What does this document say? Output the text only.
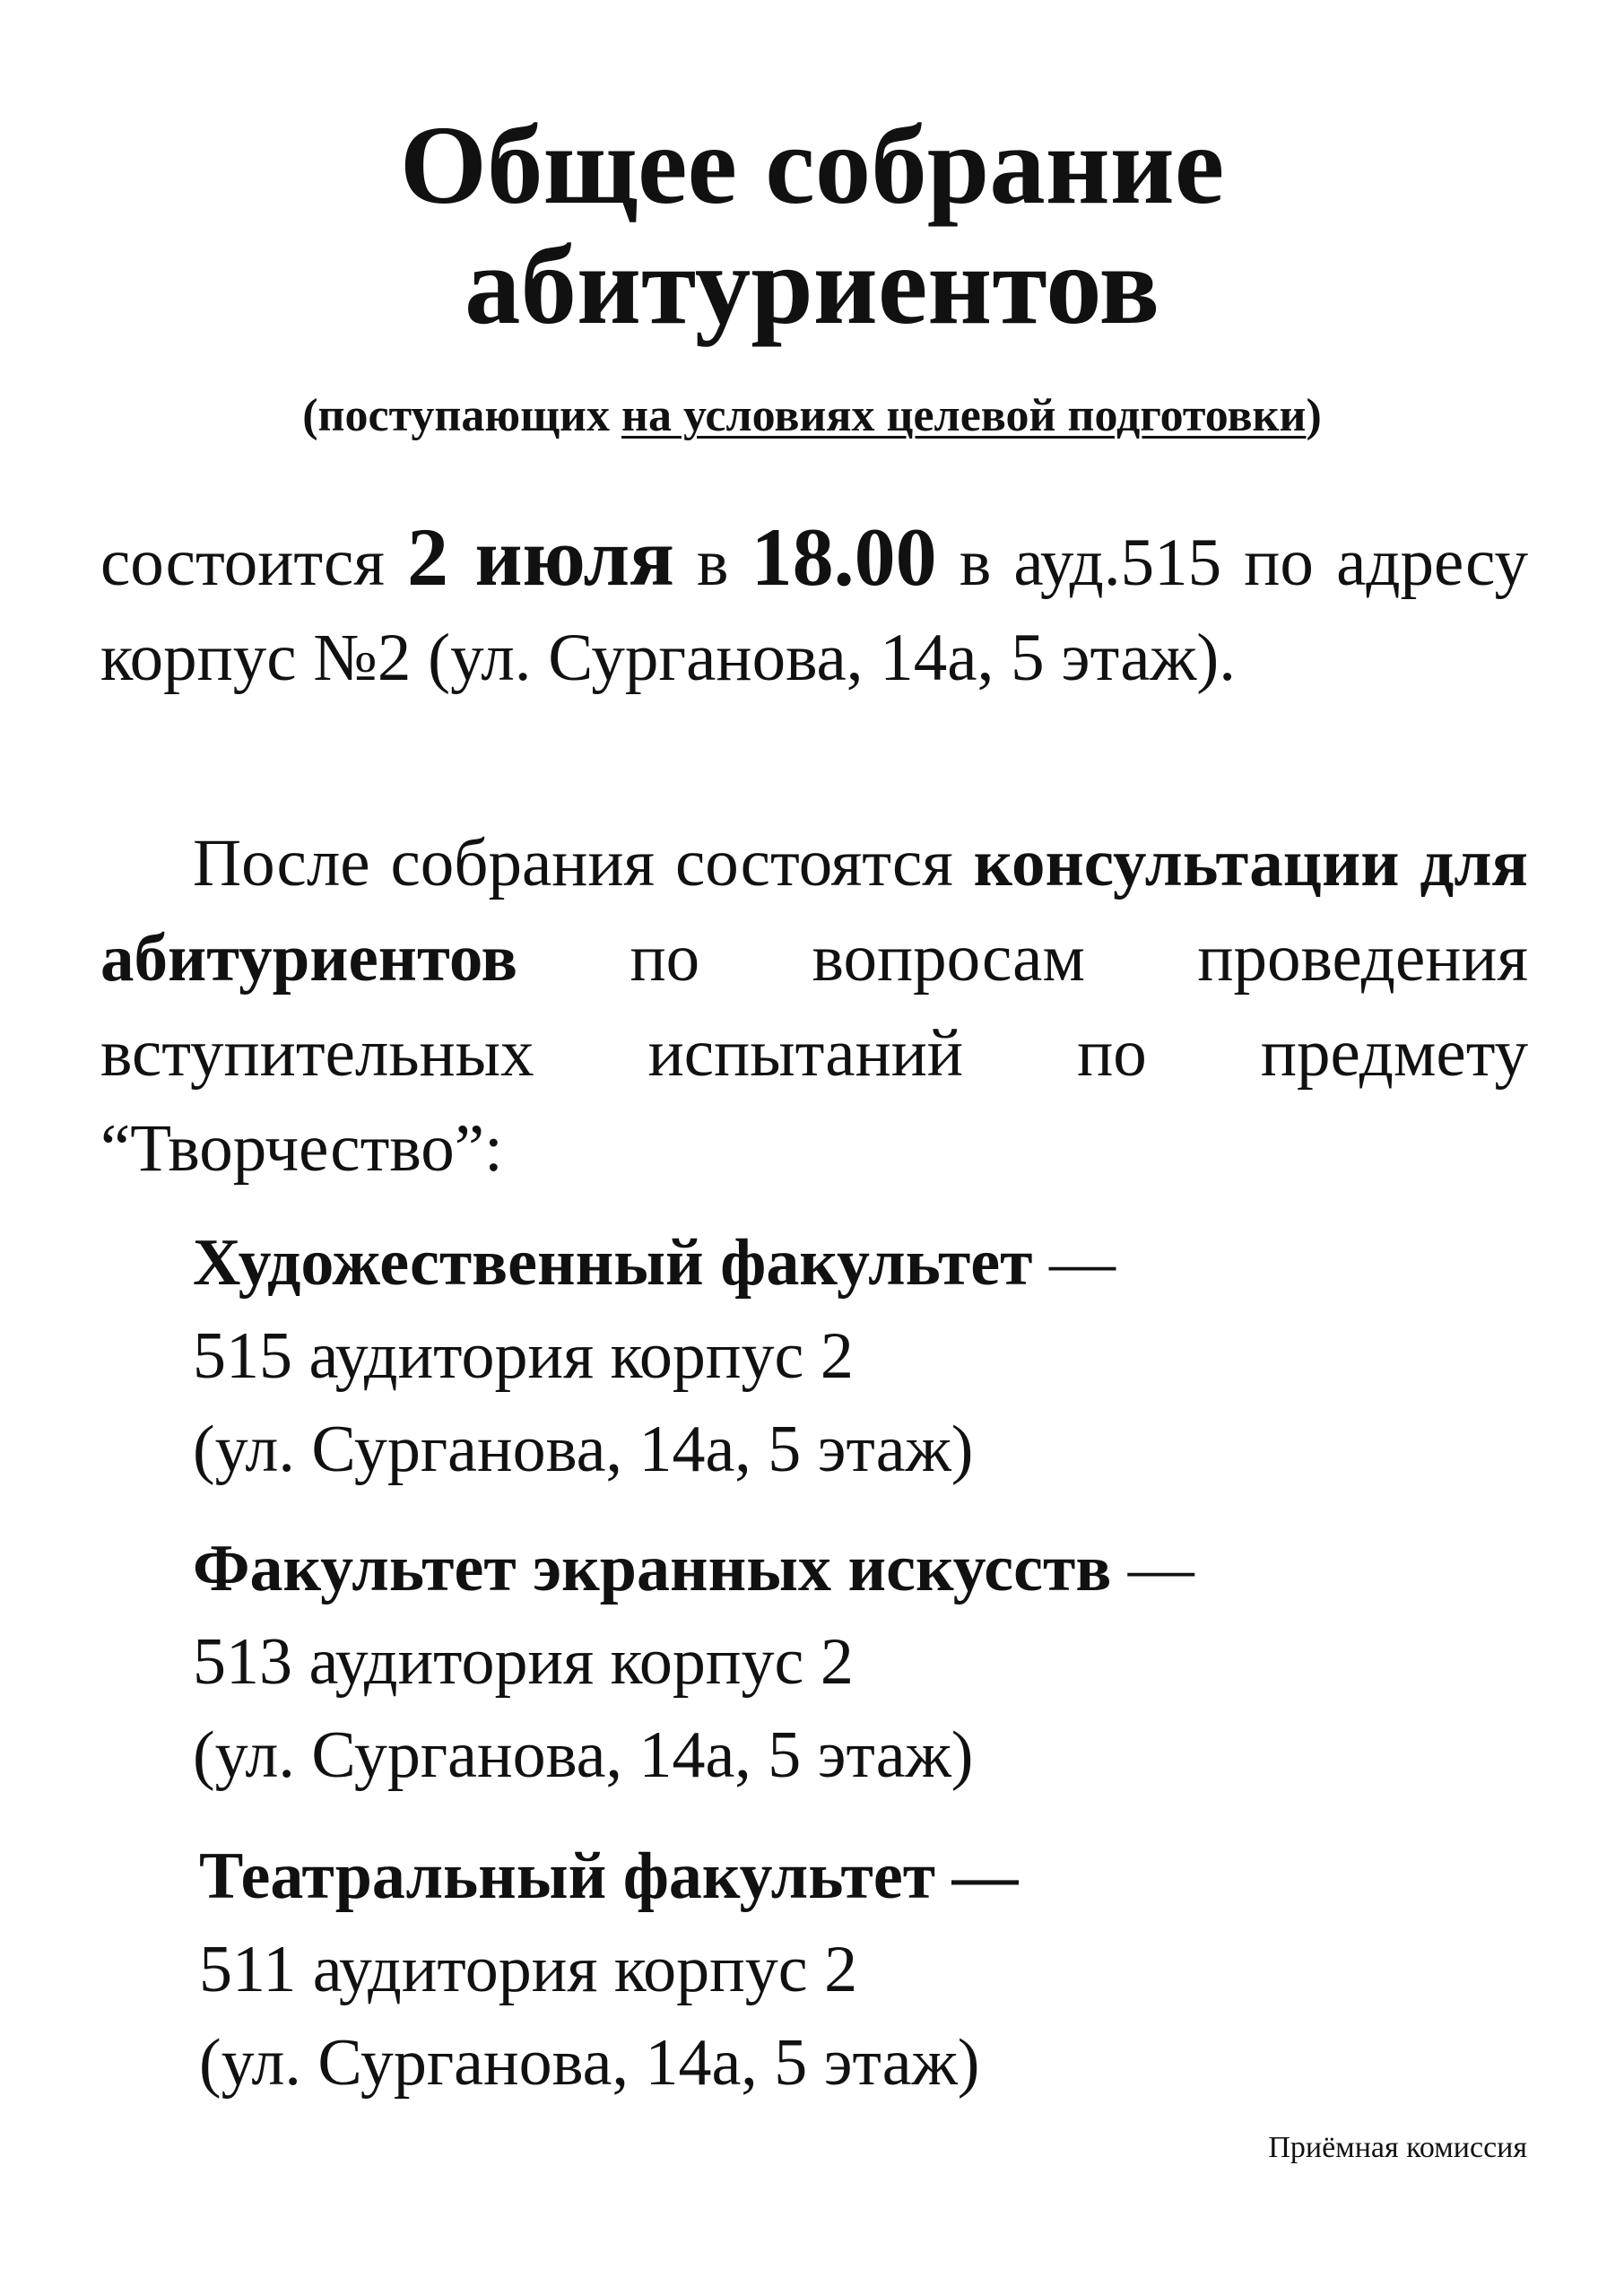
Общее собрание
абитуриентов

(поступающих на условиях целевой подготовки)

состоится 2 июля в 18.00 в ауд.515 по адресу корпус №2 (ул. Сурганова, 14а, 5 этаж).

После собрания состоятся консультации для абитуриентов по вопросам проведения вступительных испытаний по предмету “Творчество”:

Художественный факультет —
515 аудитория корпус 2
(ул. Сурганова, 14а, 5 этаж)
Факультет экранных искусств —
513 аудитория корпус 2
(ул. Сурганова, 14а, 5 этаж)
Театральный факультет —
511 аудитория корпус 2
(ул. Сурганова, 14а, 5 этаж)

Приёмная комиссия
